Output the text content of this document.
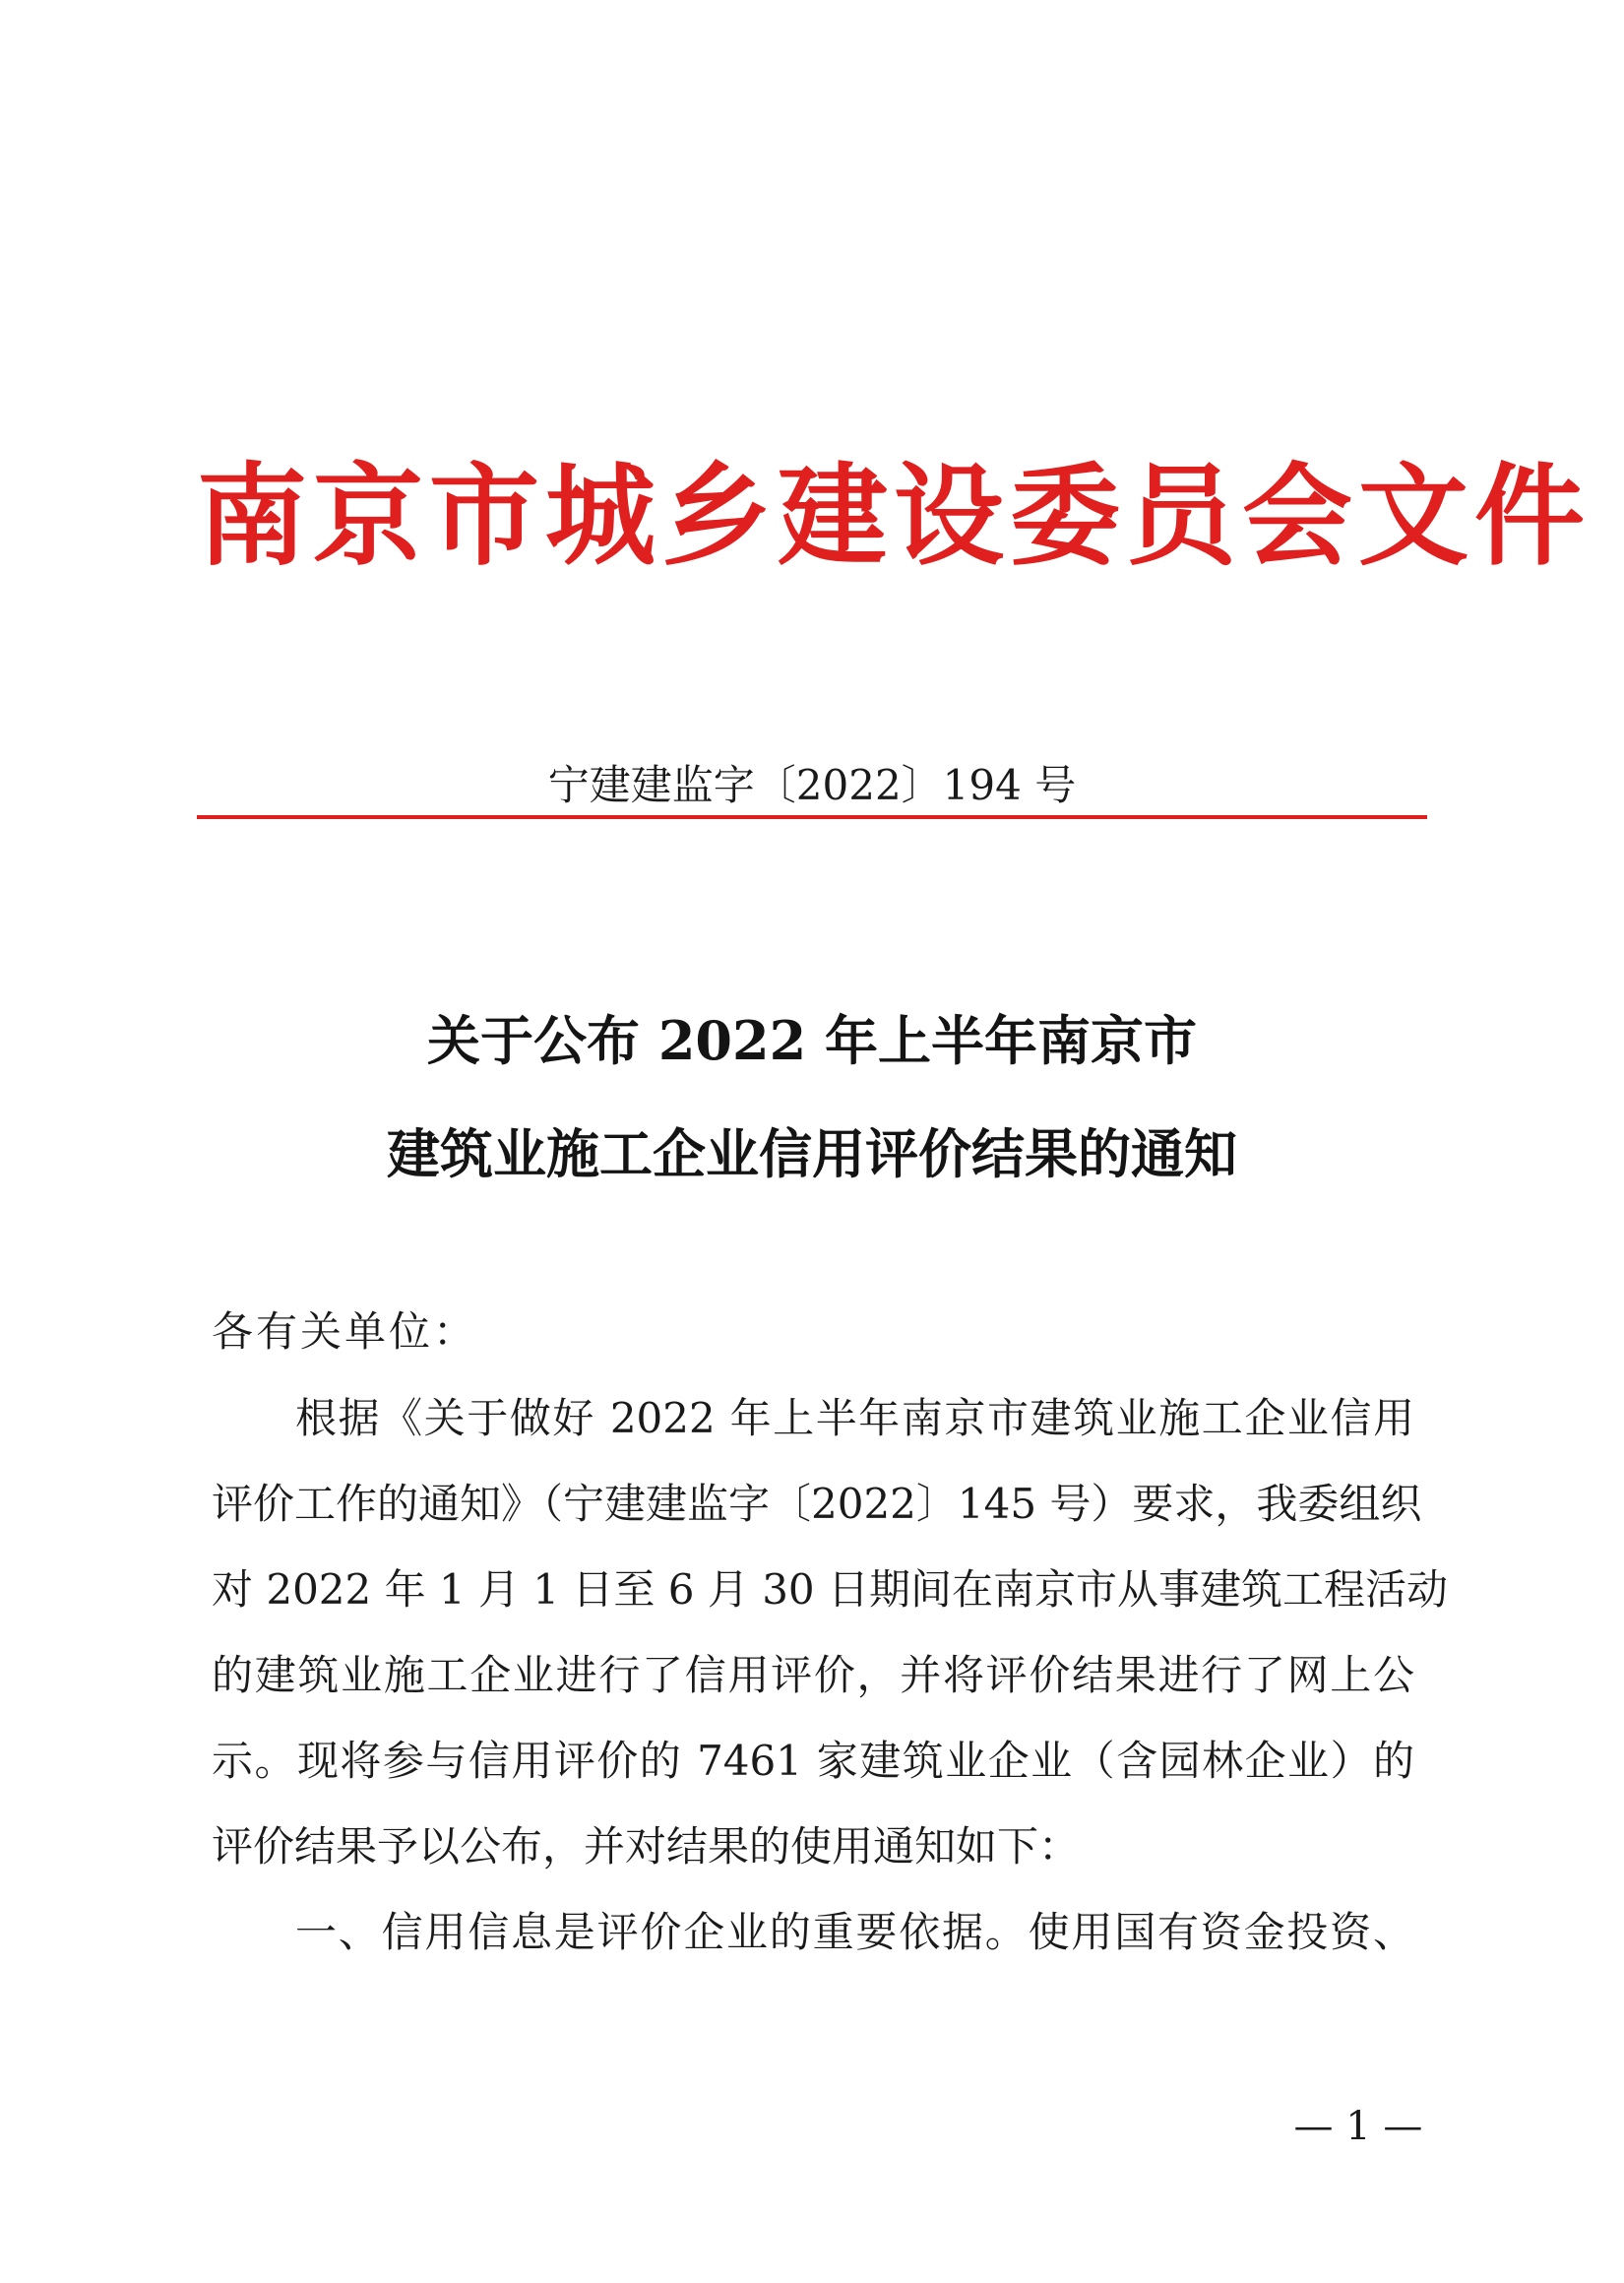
南京市城乡建设委员会文件
宁建建监字〔2022〕194 号
关于公布 2022 年上半年南京市
建筑业施工企业信用评价结果的通知
各有关单位：
根据《关于做好 2022 年上半年南京市建筑业施工企业信用
评价工作的通知》（宁建建监字〔2022〕145 号）要求，我委组织
对 2022 年 1 月 1 日至 6 月 30 日期间在南京市从事建筑工程活动
的建筑业施工企业进行了信用评价，并将评价结果进行了网上公
示。现将参与信用评价的 7461 家建筑业企业（含园林企业）的
评价结果予以公布，并对结果的使用通知如下：
一、信用信息是评价企业的重要依据。使用国有资金投资、
— 1 —
